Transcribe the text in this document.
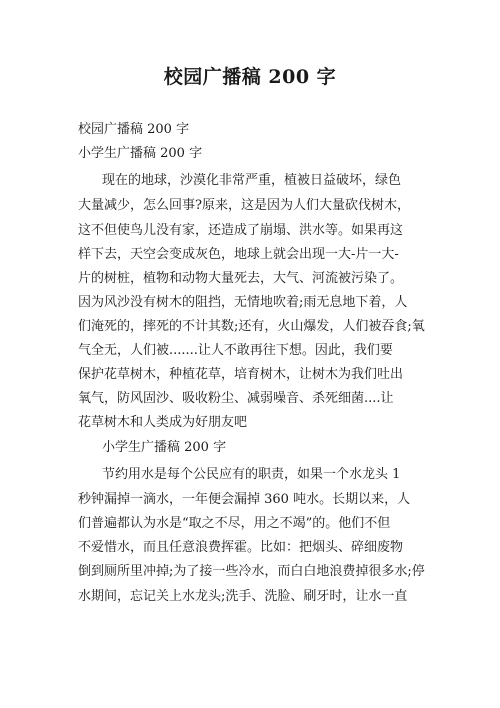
校园广播稿 200 字
校园广播稿 200 字
小学生广播稿 200 字
现在的地球，沙漠化非常严重，植被日益破坏，绿色
大量减少，怎么回事?原来，这是因为人们大量砍伐树木，
这不但使鸟儿没有家，还造成了崩塌、洪水等。如果再这
样下去，天空会变成灰色，地球上就会出现一大-片一大-
片的树桩，植物和动物大量死去，大气、河流被污染了。
因为风沙没有树木的阻挡，无情地吹着;雨无息地下着，人
们淹死的，摔死的不计其数;还有，火山爆发，人们被吞食;氧
气全无，人们被.......让人不敢再往下想。因此，我们要
保护花草树木，种植花草，培育树木，让树木为我们吐出
氧气，防风固沙、吸收粉尘、减弱噪音、杀死细菌....让
花草树木和人类成为好朋友吧
小学生广播稿 200 字
节约用水是每个公民应有的职责，如果一个水龙头 1
秒钟漏掉一滴水，一年便会漏掉 360 吨水。长期以来，人
们普遍都认为水是“取之不尽，用之不竭”的。他们不但
不爱惜水，而且任意浪费挥霍。比如：把烟头、碎细废物
倒到厕所里冲掉;为了接一些冷水，而白白地浪费掉很多水;停
水期间，忘记关上水龙头;洗手、洗脸、刷牙时，让水一直
